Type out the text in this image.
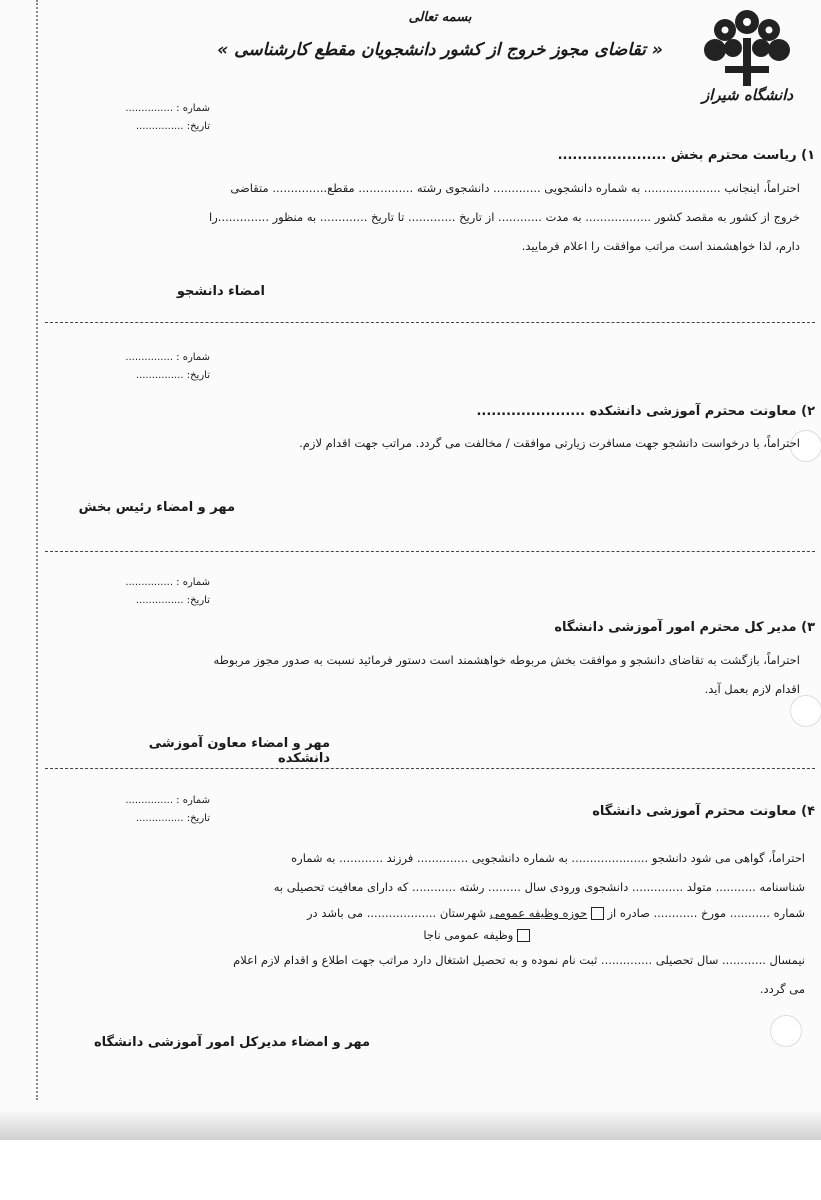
بسمه تعالی
« تقاضای مجوز خروج از کشور دانشجویان مقطع کارشناسی »
دانشگاه شیراز
شماره : ...............
تاریخ: ...............
۱) ریاست محترم بخش ......................
احتراماً، اینجانب ..................... به شماره دانشجویی ............. دانشجوی رشته ............... مقطع............... متقاضی
خروج از کشور به مقصد کشور .................. به مدت ............ از تاریخ ............. تا تاریخ ............. به منظور ..............را
دارم، لذا خواهشمند است مراتب موافقت را اعلام فرمایید.
امضاء دانشجو
شماره : ...............
تاریخ: ...............
۲) معاونت محترم آموزشی دانشکده ......................
احتراماً، با درخواست دانشجو جهت مسافرت زیارتی موافقت / مخالفت می گردد. مراتب جهت اقدام لازم.
مهر و امضاء رئیس بخش
شماره : ...............
تاریخ: ...............
۳) مدیر کل محترم امور آموزشی دانشگاه
احتراماً، بازگشت به تقاضای دانشجو و موافقت بخش مربوطه خواهشمند است دستور فرمائید نسبت به صدور مجوز مربوطه
اقدام لازم بعمل آید.
مهر و امضاء معاون آموزشی دانشکده
شماره : ...............
تاریخ: ...............	۴) معاونت محترم آموزشی دانشگاه
احتراماً، گواهی می شود دانشجو ..................... به شماره دانشجویی .............. فرزند ............ به شماره
شناسنامه ........... متولد .............. دانشجوی ورودی سال ......... رشته ............ که دارای معافیت تحصیلی به
شماره ........... مورخ ............ صادره از  حوزه وظیفه عمومی شهرستان ................... می باشد در
وظیفه عمومی ناجا
نیمسال ............ سال تحصیلی .............. ثبت نام نموده و به تحصیل اشتغال دارد مراتب جهت اطلاع و اقدام لازم اعلام
می گردد.
مهر و امضاء مدیرکل امور آموزشی دانشگاه
